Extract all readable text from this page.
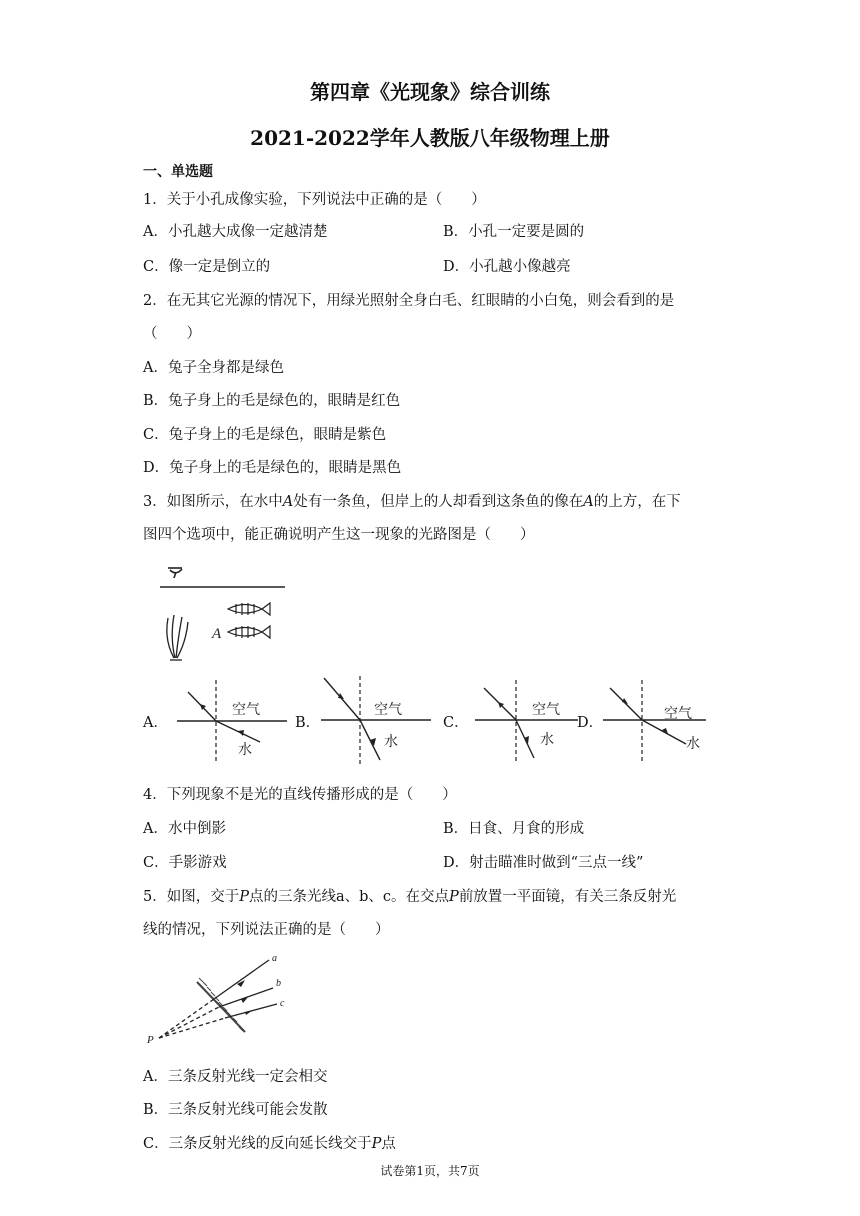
第四章《光现象》综合训练
2021-2022学年人教版八年级物理上册
一、单选题
1．关于小孔成像实验，下列说法中正确的是（　　）
A．小孔越大成像一定越清楚	B．小孔一定要是圆的
C．像一定是倒立的	D．小孔越小像越亮
2．在无其它光源的情况下，用绿光照射全身白毛、红眼睛的小白兔，则会看到的是
（　　）
A．兔子全身都是绿色
B．兔子身上的毛是绿色的，眼睛是红色
C．兔子身上的毛是绿色，眼睛是紫色
D．兔子身上的毛是绿色的，眼睛是黑色
3．如图所示，在水中A处有一条鱼，但岸上的人却看到这条鱼的像在A的上方，在下
图四个选项中，能正确说明产生这一现象的光路图是（　　）
A
A．	B．	C．	D．
空气
水
空气
水
空气
水
空气
水
4．下列现象不是光的直线传播形成的是（　　）
A．水中倒影	B．日食、月食的形成
C．手影游戏	D．射击瞄准时做到“三点一线”
5．如图，交于P点的三条光线a、b、c。在交点P前放置一平面镜，有关三条反射光
线的情况，下列说法正确的是（　　）
a
b
c
P
A．三条反射光线一定会相交
B．三条反射光线可能会发散
C．三条反射光线的反向延长线交于P点
试卷第1页，共7页
